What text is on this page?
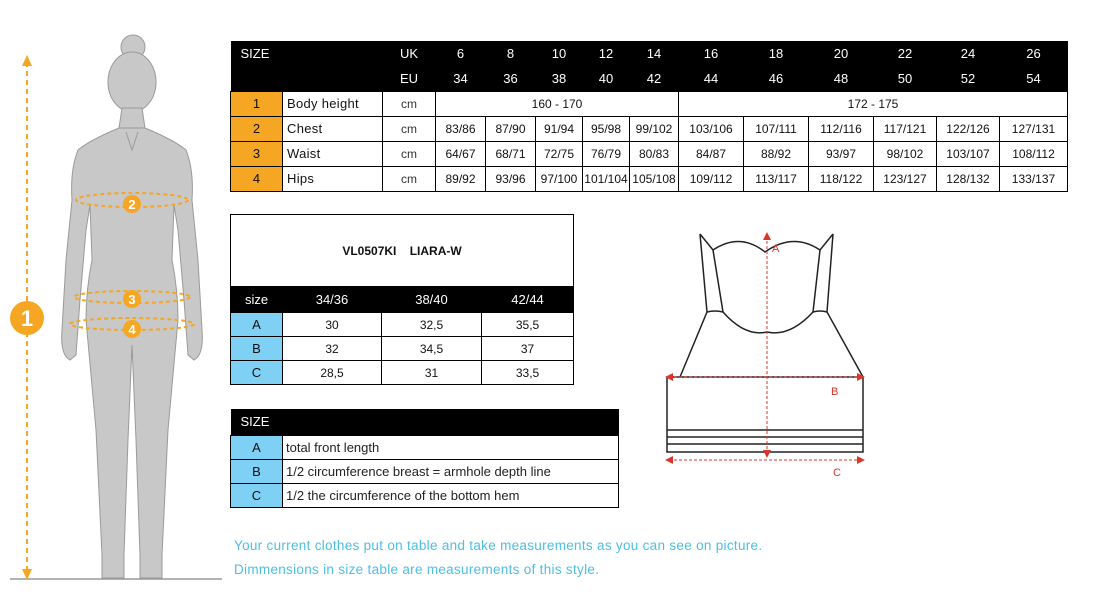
1
2
3
4
SIZE		UK	6	8	10	12	14	16	18	20	22	24	26
		EU	34	36	38	40	42	44	46	48	50	52	54
1	Body height	cm	160 - 170					172 - 175					
2	Chest	cm	83/86	87/90	91/94	95/98	99/102	103/106	107/111	112/116	117/121	122/126	127/131
3	Waist	cm	64/67	68/71	72/75	76/79	80/83	84/87	88/92	93/97	98/102	103/107	108/112
4	Hips	cm	89/92	93/96	97/100	101/104	105/108	109/112	113/117	118/122	123/127	128/132	133/137
VL0507KI    LIARA-W			
size	34/36	38/40	42/44
A	30	32,5	35,5
B	32	34,5	37
C	28,5	31	33,5
SIZE	
A	total front length
B	1/2 circumference breast = armhole depth line
C	1/2 the circumference of the bottom hem
A
B
C
Your current clothes put on table and take measurements as you can see on picture.
Dimmensions in size table are measurements of this style.
